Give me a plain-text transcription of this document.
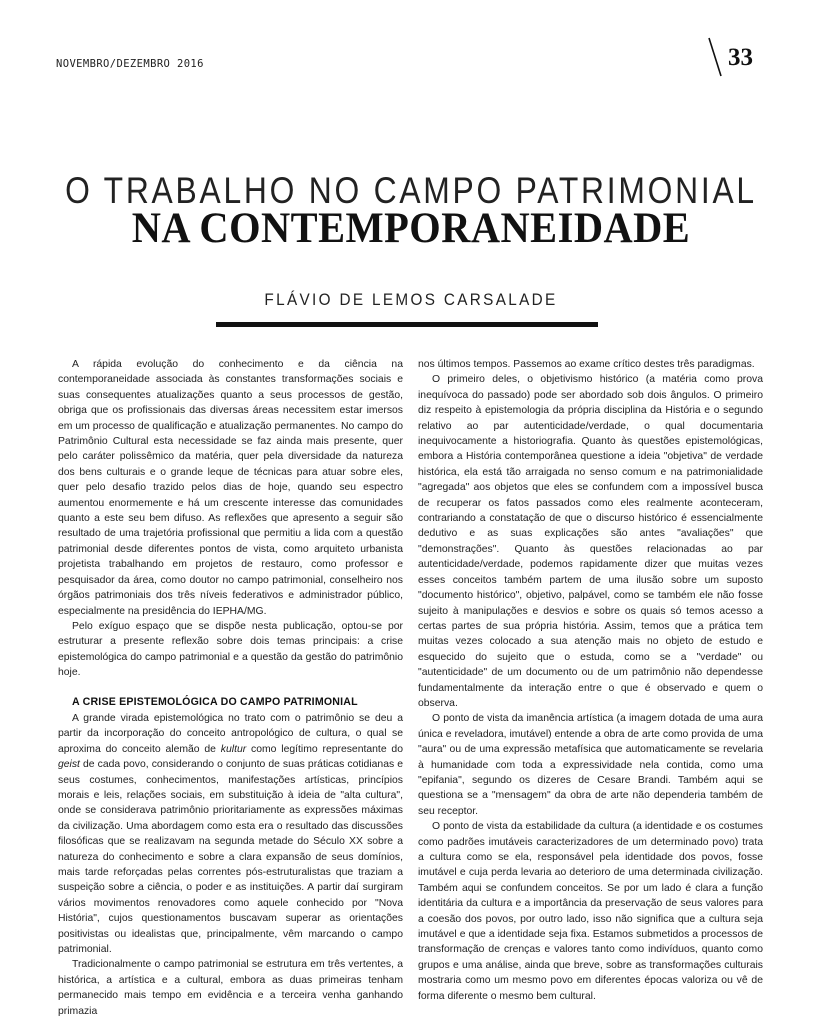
NOVEMBRO/DEZEMBRO 2016	33
O TRABALHO NO CAMPO PATRIMONIAL
NA CONTEMPORANEIDADE
FLÁVIO DE LEMOS CARSALADE

A rápida evolução do conhecimento e da ciência na contemporaneidade associada às constantes transformações sociais e suas consequentes atualizações quanto a seus processos de gestão, obriga que os profissionais das diversas áreas necessitem estar imersos em um processo de qualificação e atualização permanentes. No campo do Patrimônio Cultural esta necessidade se faz ainda mais presente, quer pelo caráter polissêmico da matéria, quer pela diversidade da natureza dos bens culturais e o grande leque de técnicas para atuar sobre eles, quer pelo desafio trazido pelos dias de hoje, quando seu espectro aumentou enormemente e há um crescente interesse das comunidades quanto a este seu bem difuso. As reflexões que apresento a seguir são resultado de uma trajetória profissional que permitiu a lida com a questão patrimonial desde diferentes pontos de vista, como arquiteto urbanista projetista trabalhando em projetos de restauro, como professor e pesquisador da área, como doutor no campo patrimonial, conselheiro nos órgãos patrimoniais dos três níveis federativos e administrador público, especialmente na presidência do IEPHA/MG.

Pelo exíguo espaço que se dispõe nesta publicação, optou-se por estruturar a presente reflexão sobre dois temas principais: a crise epistemológica do campo patrimonial e a questão da gestão do patrimônio hoje.

A CRISE EPISTEMOLÓGICA DO CAMPO PATRIMONIAL

A grande virada epistemológica no trato com o patrimônio se deu a partir da incorporação do conceito antropológico de cultura, o qual se aproxima do conceito alemão de kultur como legítimo representante do geist de cada povo, considerando o conjunto de suas práticas cotidianas e seus costumes, conhecimentos, manifestações artísticas, princípios morais e leis, relações sociais, em substituição à ideia de "alta cultura", onde se considerava patrimônio prioritariamente as expressões máximas da civilização. Uma abordagem como esta era o resultado das discussões filosóficas que se realizavam na segunda metade do Século XX sobre a natureza do conhecimento e sobre a clara expansão de seus domínios, mais tarde reforçadas pelas correntes pós-estruturalistas que traziam a suspeição sobre a ciência, o poder e as instituições. A partir daí surgiram vários movimentos renovadores como aquele conhecido por "Nova História", cujos questionamentos buscavam superar as orientações positivistas ou idealistas que, principalmente, vêm marcando o campo patrimonial.

Tradicionalmente o campo patrimonial se estrutura em três vertentes, a histórica, a artística e a cultural, embora as duas primeiras tenham permanecido mais tempo em evidência e a terceira venha ganhando primazia

nos últimos tempos. Passemos ao exame crítico destes três paradigmas.

O primeiro deles, o objetivismo histórico (a matéria como prova inequívoca do passado) pode ser abordado sob dois ângulos. O primeiro diz respeito à epistemologia da própria disciplina da História e o segundo relativo ao par autenticidade/verdade, o qual documentaria inequivocamente a historiografia. Quanto às questões epistemológicas, embora a História contemporânea questione a ideia "objetiva" de verdade histórica, ela está tão arraigada no senso comum e na patrimonialidade "agregada" aos objetos que eles se confundem com a impossível busca de recuperar os fatos passados como eles realmente aconteceram, contrariando a constatação de que o discurso histórico é essencialmente dedutivo e as suas explicações são antes "avaliações" que "demonstrações". Quanto às questões relacionadas ao par autenticidade/verdade, podemos rapidamente dizer que muitas vezes esses conceitos também partem de uma ilusão sobre um suposto "documento histórico", objetivo, palpável, como se também ele não fosse sujeito à manipulações e desvios e sobre os quais só temos acesso a certas partes de sua própria história. Assim, temos que a prática tem muitas vezes colocado a sua atenção mais no objeto de estudo e esquecido do sujeito que o estuda, como se a "verdade" ou "autenticidade" de um documento ou de um patrimônio não dependesse fundamentalmente da interação entre o que é observado e quem o observa.

O ponto de vista da imanência artística (a imagem dotada de uma aura única e reveladora, imutável) entende a obra de arte como provida de uma "aura" ou de uma expressão metafísica que automaticamente se revelaria à humanidade com toda a expressividade nela contida, como uma "epifania", segundo os dizeres de Cesare Brandi. Também aqui se questiona se a "mensagem" da obra de arte não dependeria também de seu receptor.

O ponto de vista da estabilidade da cultura (a identidade e os costumes como padrões imutáveis caracterizadores de um determinado povo) trata a cultura como se ela, responsável pela identidade dos povos, fosse imutável e cuja perda levaria ao deterioro de uma determinada civilização. Também aqui se confundem conceitos. Se por um lado é clara a função identitária da cultura e a importância da preservação de seus valores para a coesão dos povos, por outro lado, isso não significa que a cultura seja imutável e que a identidade seja fixa. Estamos submetidos a processos de transformação de crenças e valores tanto como indivíduos, quanto como grupos e uma análise, ainda que breve, sobre as transformações culturais mostraria como um mesmo povo em diferentes épocas valoriza ou vê de forma diferente o mesmo bem cultural.
